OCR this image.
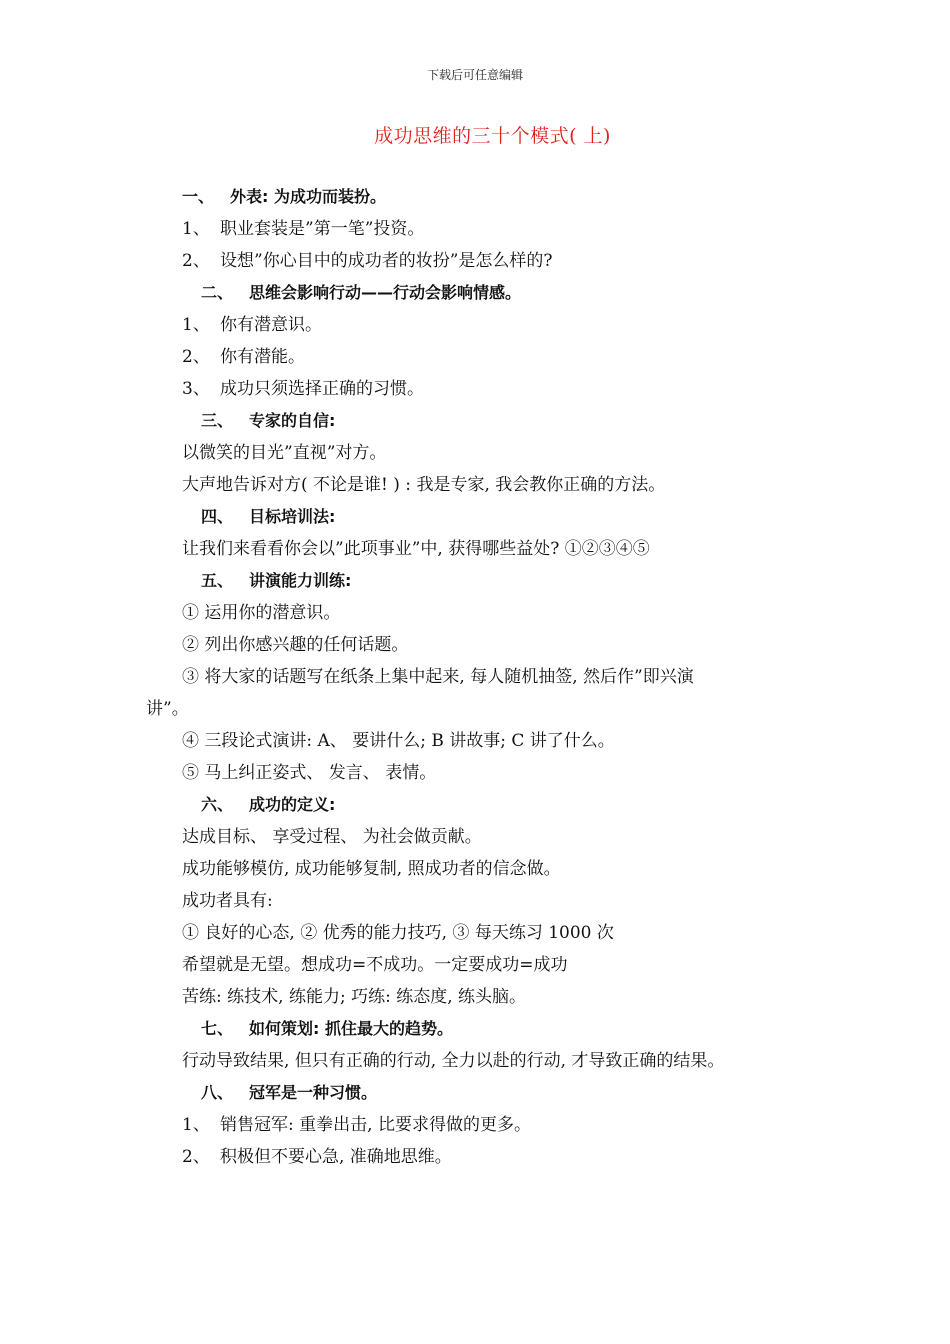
下载后可任意编辑
成功思维的三十个模式( 上)
一、 外表: 为成功而装扮。
1、 职业套装是”第一笔”投资。
2、 设想”你心目中的成功者的妆扮”是怎么样的?
二、 思维会影响行动——行动会影响情感。
1、 你有潜意识。
2、 你有潜能。
3、 成功只须选择正确的习惯。
三、 专家的自信:
以微笑的目光”直视”对方。
大声地告诉对方( 不论是谁! ) : 我是专家, 我会教你正确的方法。
四、 目标培训法:
让我们来看看你会以”此项事业”中, 获得哪些益处? ①②③④⑤
五、 讲演能力训练:
① 运用你的潜意识。
② 列出你感兴趣的任何话题。
③ 将大家的话题写在纸条上集中起来, 每人随机抽签, 然后作”即兴演
讲”。
④ 三段论式演讲: A、 要讲什么; B 讲故事; C 讲了什么。
⑤ 马上纠正姿式、 发言、 表情。
六、 成功的定义:
达成目标、 享受过程、 为社会做贡献。
成功能够模仿, 成功能够复制, 照成功者的信念做。
成功者具有:
① 良好的心态, ② 优秀的能力技巧, ③ 每天练习 1000 次
希望就是无望。想成功=不成功。一定要成功=成功
苦练: 练技术, 练能力; 巧练: 练态度, 练头脑。
七、 如何策划: 抓住最大的趋势。
行动导致结果, 但只有正确的行动, 全力以赴的行动, 才导致正确的结果。
八、 冠军是一种习惯。
1、 销售冠军: 重拳出击, 比要求得做的更多。
2、 积极但不要心急, 准确地思维。
